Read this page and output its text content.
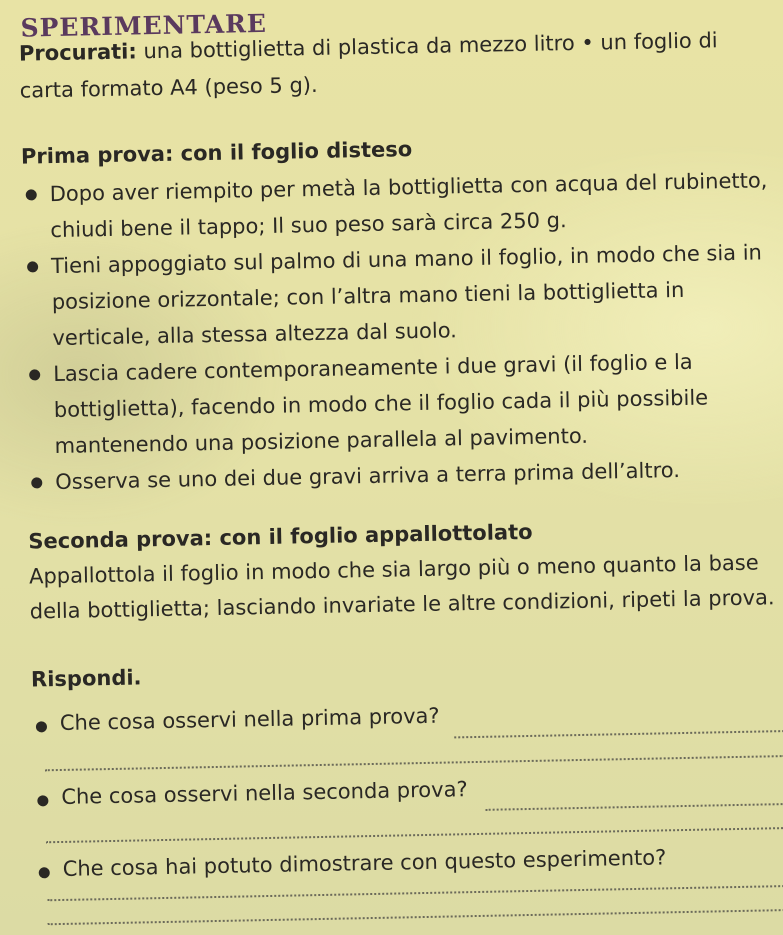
SPERIMENTARE
Procurati: una bottiglietta di plastica da mezzo litro • un foglio di carta formato A4 (peso 5 g).
Prima prova: con il foglio disteso
Dopo aver riempito per metà la bottiglietta con acqua del rubinetto, chiudi bene il tappo; Il suo peso sarà circa 250 g.
Tieni appoggiato sul palmo di una mano il foglio, in modo che sia in posizione orizzontale; con l’altra mano tieni la bottiglietta in verticale, alla stessa altezza dal suolo.
Lascia cadere contemporaneamente i due gravi (il foglio e la bottiglietta), facendo in modo che il foglio cada il più possibile mantenendo una posizione parallela al pavimento.
Osserva se uno dei due gravi arriva a terra prima dell’altro.
Seconda prova: con il foglio appallottolato
Appallottola il foglio in modo che sia largo più o meno quanto la base della bottiglietta; lasciando invariate le altre condizioni, ripeti la prova.
Rispondi.
Che cosa osservi nella prima prova?
Che cosa osservi nella seconda prova?
Che cosa hai potuto dimostrare con questo esperimento?
